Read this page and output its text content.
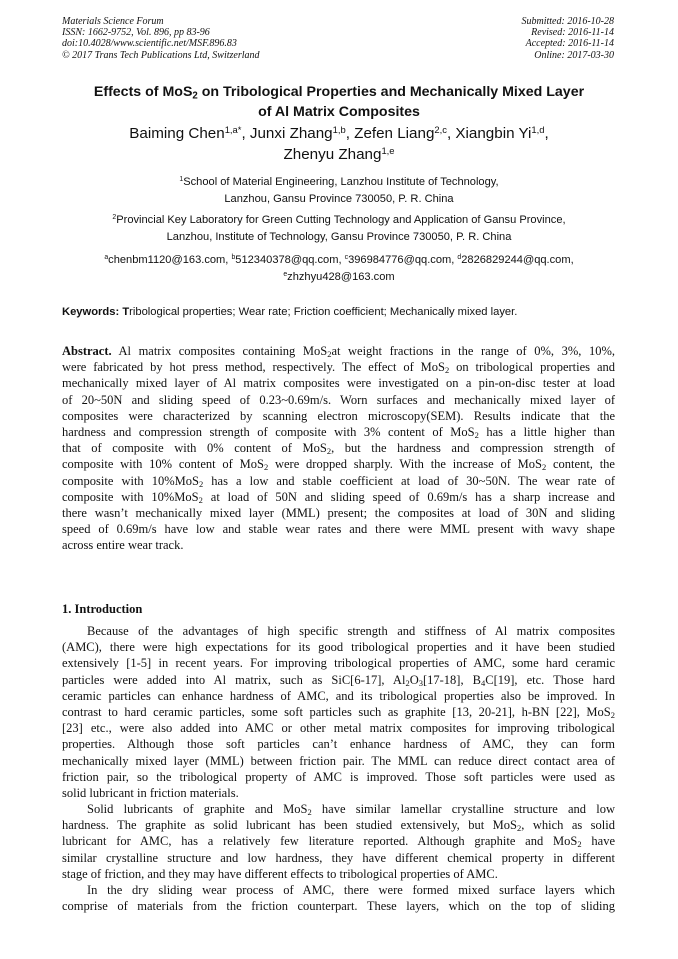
Materials Science Forum
ISSN: 1662-9752, Vol. 896, pp 83-96
doi:10.4028/www.scientific.net/MSF.896.83
© 2017 Trans Tech Publications Ltd, Switzerland
Submitted: 2016-10-28
Revised: 2016-11-14
Accepted: 2016-11-14
Online: 2017-03-30
Effects of MoS$_2$ on Tribological Properties and Mechanically Mixed Layer
of Al Matrix Composites
Baiming Chen$^{1,a*}$, Junxi Zhang$^{1,b}$, Zefen Liang$^{2,c}$, Xiangbin Yi$^{1,d}$,
Zhenyu Zhang$^{1,e}$
$^1$School of Material Engineering, Lanzhou Institute of Technology,
Lanzhou, Gansu Province 730050, P. R. China
$^2$Provincial Key Laboratory for Green Cutting Technology and Application of Gansu Province,
Lanzhou, Institute of Technology, Gansu Province 730050, P. R. China
$^a$chenbm1120@163.com, $^b$512340378@qq.com, $^c$396984776@qq.com, $^d$2826829244@qq.com,
$^e$zhzhyu428@163.com
Keywords: Tribological properties; Wear rate; Friction coefficient; Mechanically mixed layer.
Abstract. Al matrix composites containing MoS$_2$at weight fractions in the range of 0%, 3%, 10%,
were fabricated by hot press method, respectively. The effect of MoS$_2$ on tribological properties and
mechanically mixed layer of Al matrix composites were investigated on a pin-on-disc tester at load
of 20~50N and sliding speed of 0.23~0.69m/s. Worn surfaces and mechanically mixed layer of
composites were characterized by scanning electron microscopy(SEM). Results indicate that the
hardness and compression strength of composite with 3% content of MoS$_2$ has a little higher than
that of composite with 0% content of MoS$_2$, but the hardness and compression strength of
composite with 10% content of MoS$_2$ were dropped sharply. With the increase of MoS$_2$ content, the
composite with 10%MoS$_2$ has a low and stable coefficient at load of 30~50N. The wear rate of
composite with 10%MoS$_2$ at load of 50N and sliding speed of 0.69m/s has a sharp increase and
there wasn’t mechanically mixed layer (MML) present; the composites at load of 30N and sliding
speed of 0.69m/s have low and stable wear rates and there were MML present with wavy shape
across entire wear track.
1. Introduction
Because of the advantages of high specific strength and stiffness of Al matrix composites
(AMC), there were high expectations for its good tribological properties and it have been studied
extensively [1-5] in recent years. For improving tribological properties of AMC, some hard ceramic
particles were added into Al matrix, such as SiC[6-17], $Al_2O_3[17-18]$, $B_4C[19]$, etc. Those hard
ceramic particles can enhance hardness of AMC, and its tribological properties also be improved. In
contrast to hard ceramic particles, some soft particles such as graphite [13, 20-21], h-BN [22], MoS$_2$
[23] etc., were also added into AMC or other metal matrix composites for improving tribological
properties. Although those soft particles can’t enhance hardness of AMC, they can form
mechanically mixed layer (MML) between friction pair. The MML can reduce direct contact area of
friction pair, so the tribological property of AMC is improved. Those soft particles were used as
solid lubricant in friction materials.
Solid lubricants of graphite and MoS$_2$ have similar lamellar crystalline structure and low
hardness. The graphite as solid lubricant has been studied extensively, but MoS$_2$, which as solid
lubricant for AMC, has a relatively few literature reported. Although graphite and MoS$_2$ have
similar crystalline structure and low hardness, they have different chemical property in different
stage of friction, and they may have different effects to tribological properties of AMC.
In the dry sliding wear process of AMC, there were formed mixed surface layers which
comprise of materials from the friction counterpart. These layers, which on the top of sliding
